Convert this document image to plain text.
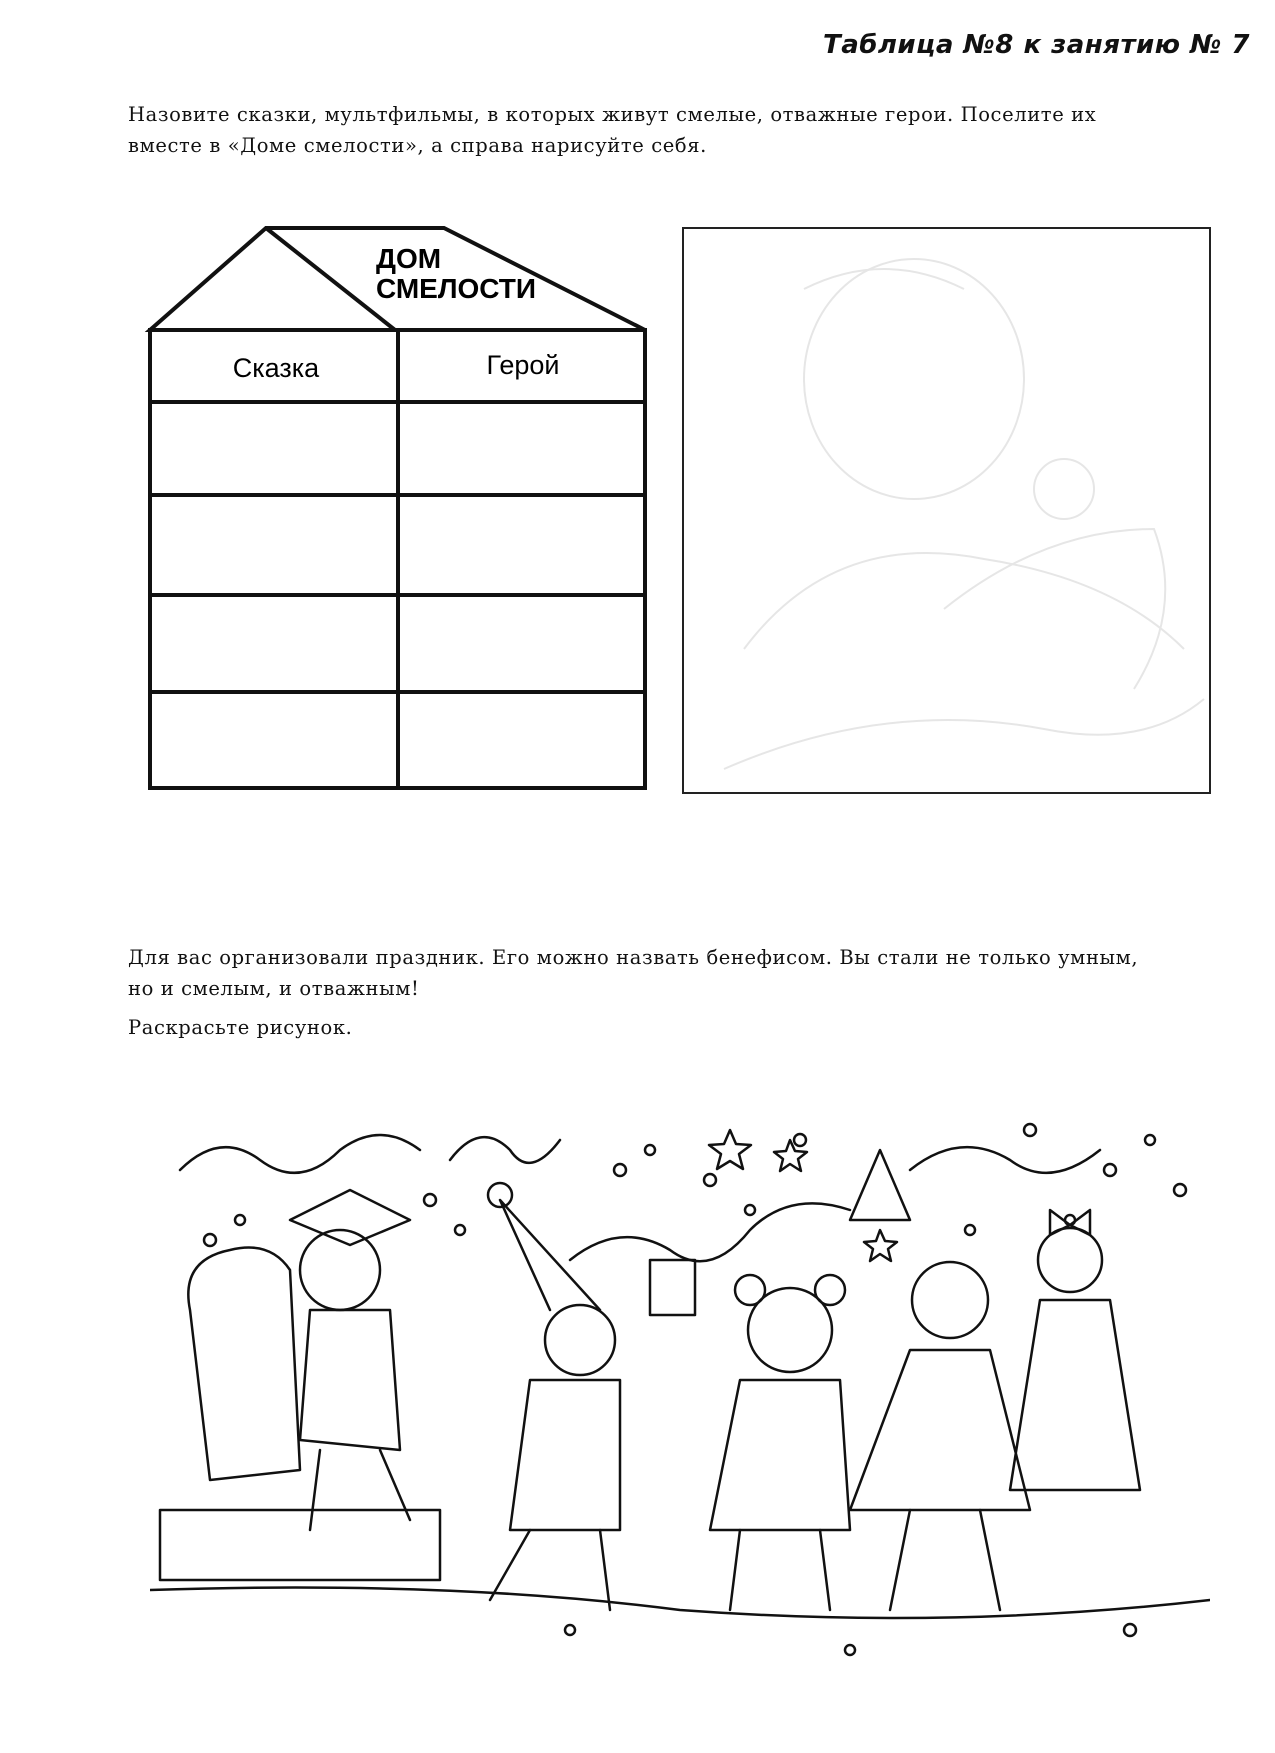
Таблица №8 к занятию № 7
Назовите сказки, мультфильмы, в которых живут смелые, отважные герои. Поселите их
вместе в «Доме смелости», а справа нарисуйте себя.
ДОМ
СМЕЛОСТИ
Сказка	Герой
Для вас организовали праздник. Его можно назвать бенефисом. Вы стали не только умным,
но и смелым, и отважным!
Раскрасьте рисунок.
